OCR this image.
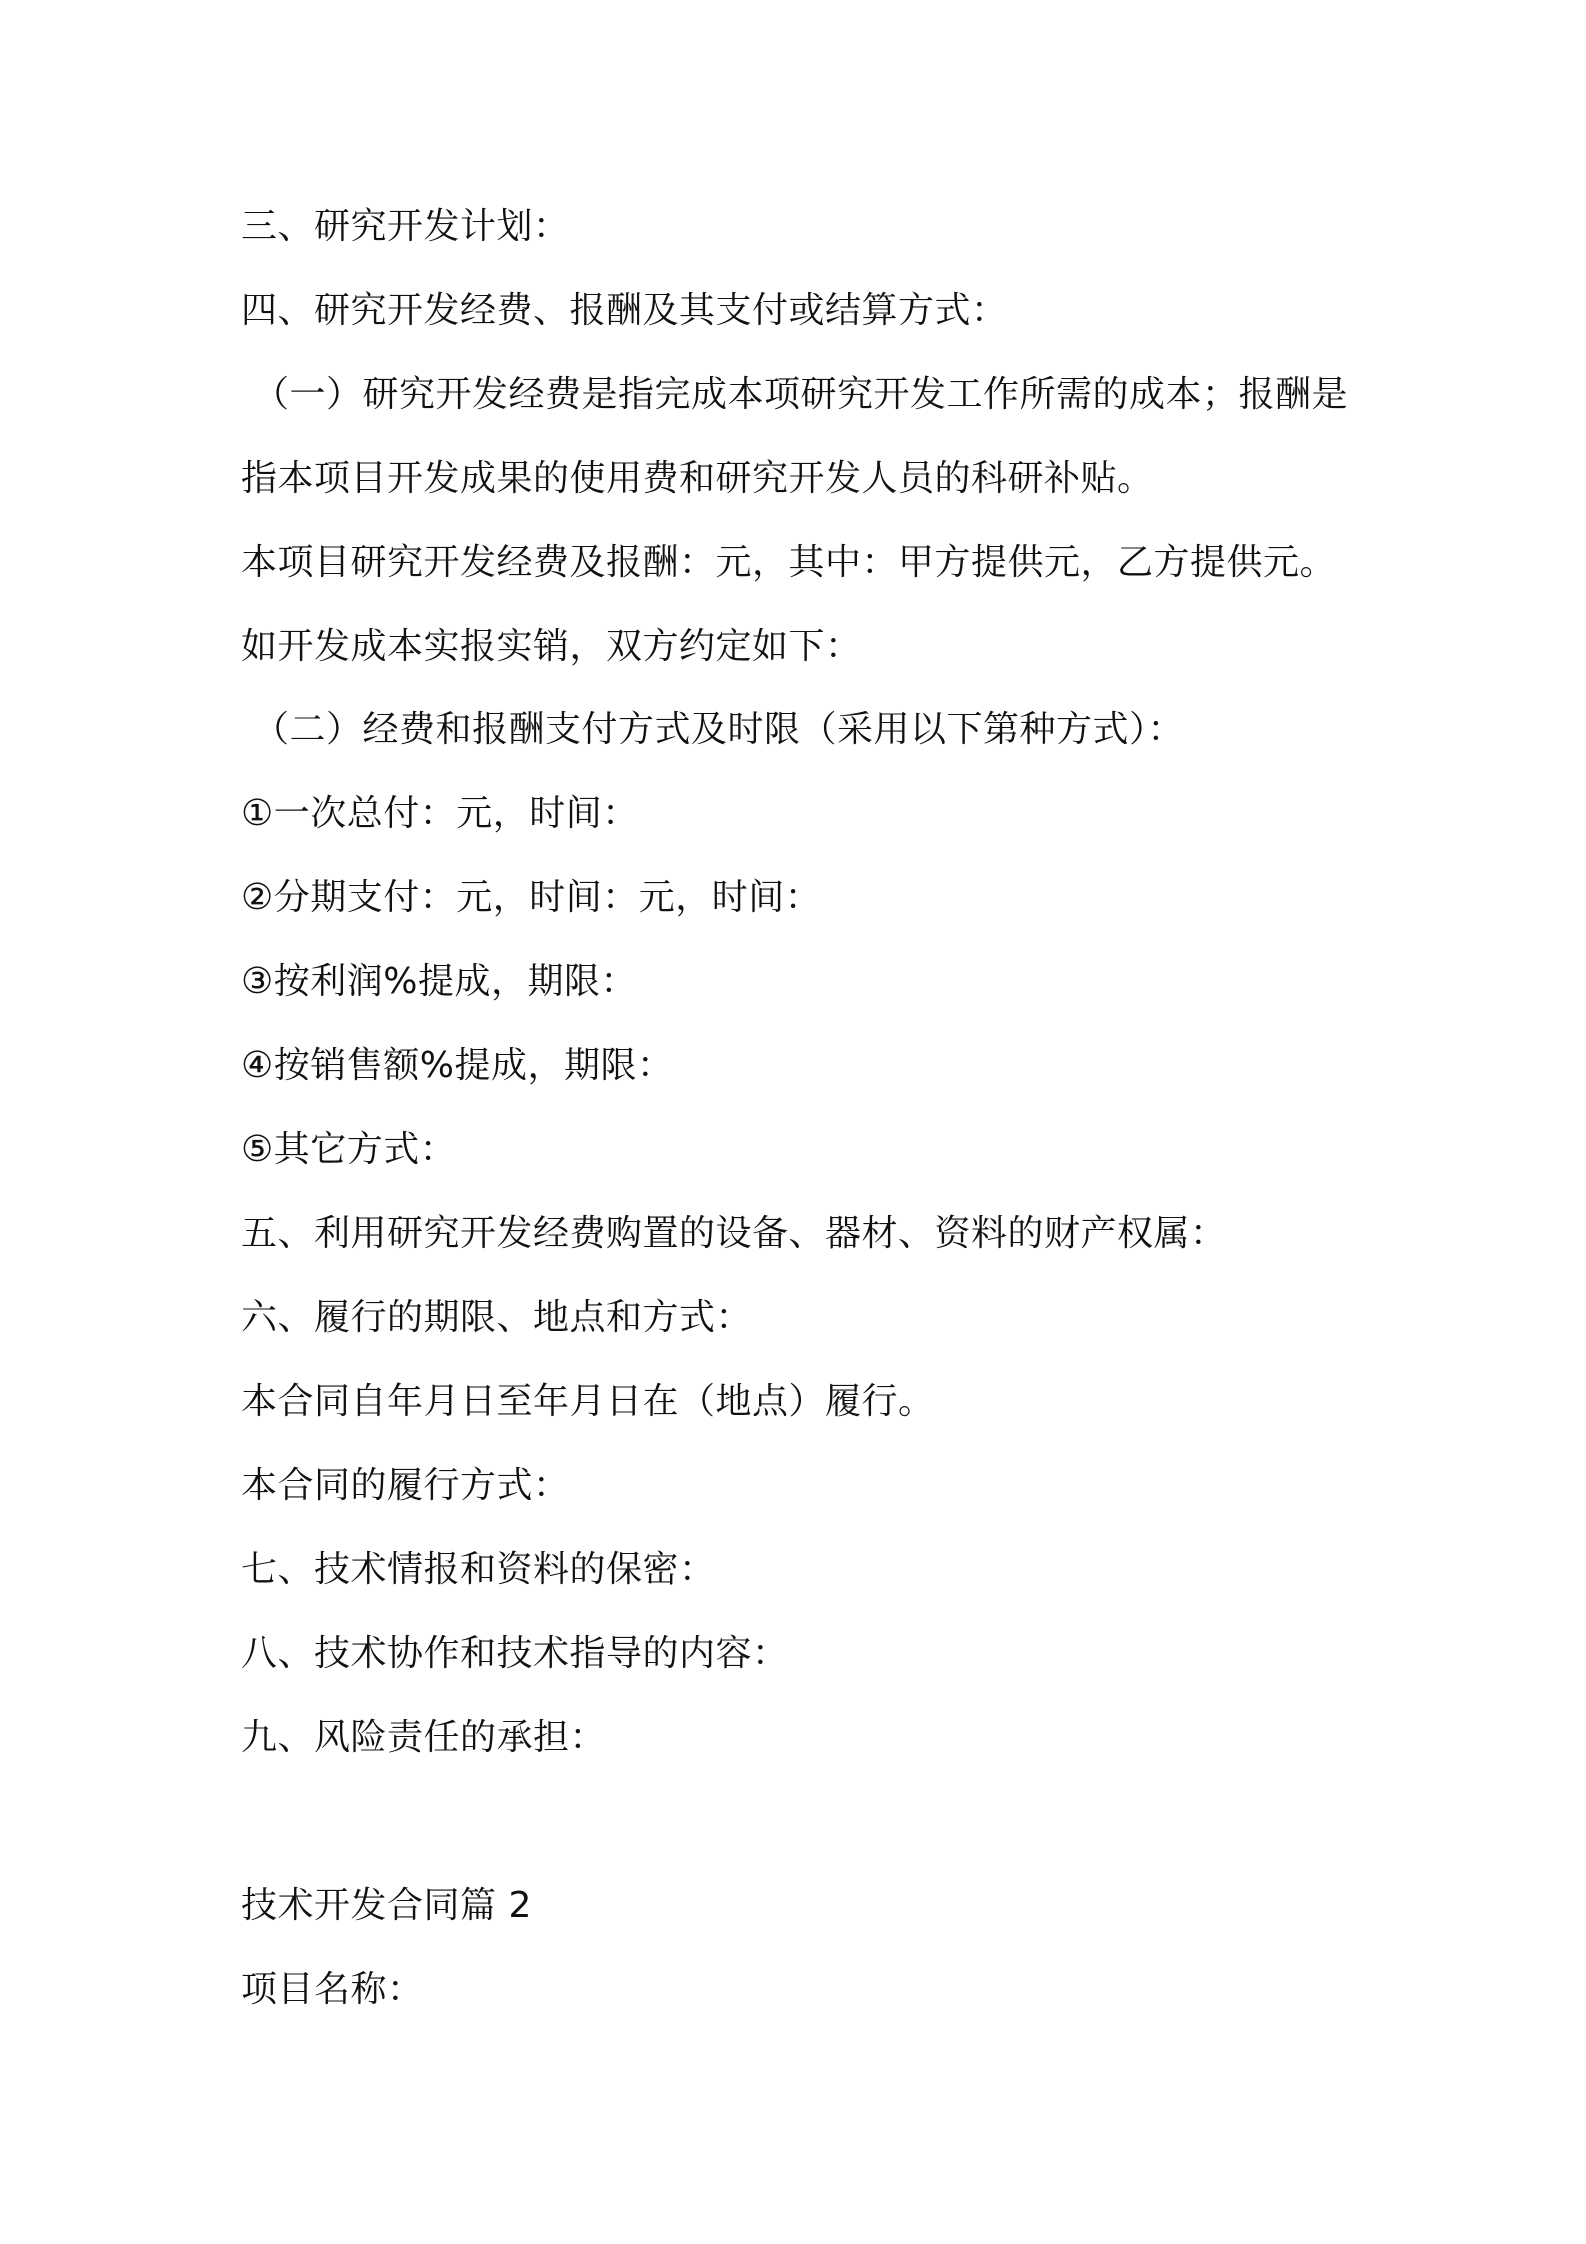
三、研究开发计划：
四、研究开发经费、报酬及其支付或结算方式：
（一）研究开发经费是指完成本项研究开发工作所需的成本；报酬是
指本项目开发成果的使用费和研究开发人员的科研补贴。
本项目研究开发经费及报酬：元，其中：甲方提供元，乙方提供元。
如开发成本实报实销，双方约定如下：
（二）经费和报酬支付方式及时限（采用以下第种方式）：
①一次总付：元，时间：
②分期支付：元，时间：元，时间：
③按利润%提成，期限：
④按销售额%提成，期限：
⑤其它方式：
五、利用研究开发经费购置的设备、器材、资料的财产权属：
六、履行的期限、地点和方式：
本合同自年月日至年月日在（地点）履行。
本合同的履行方式：
七、技术情报和资料的保密：
八、技术协作和技术指导的内容：
九、风险责任的承担：
技术开发合同篇 2
项目名称：
